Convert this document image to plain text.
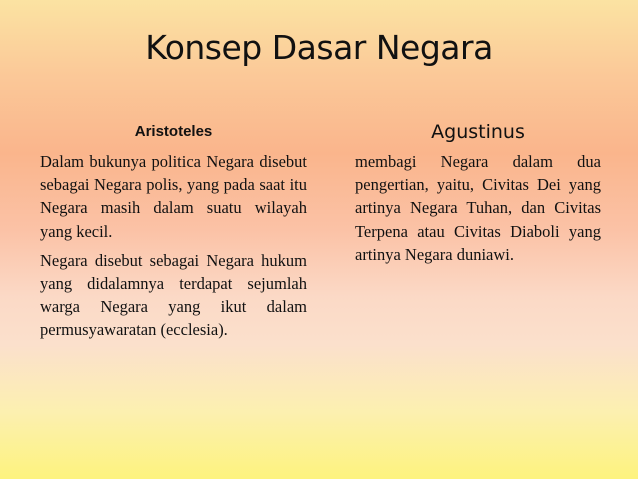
Konsep Dasar Negara
Aristoteles

Dalam bukunya politica Negara disebut sebagai Negara polis, yang pada saat itu Negara masih dalam suatu wilayah yang kecil.

Negara disebut sebagai Negara hukum yang didalamnya terdapat sejumlah warga Negara yang ikut dalam permusyawaratan (ecclesia).

Agustinus

membagi Negara dalam dua pengertian, yaitu, Civitas Dei yang artinya Negara Tuhan, dan Civitas Terpena atau Civitas Diaboli yang artinya Negara duniawi.
